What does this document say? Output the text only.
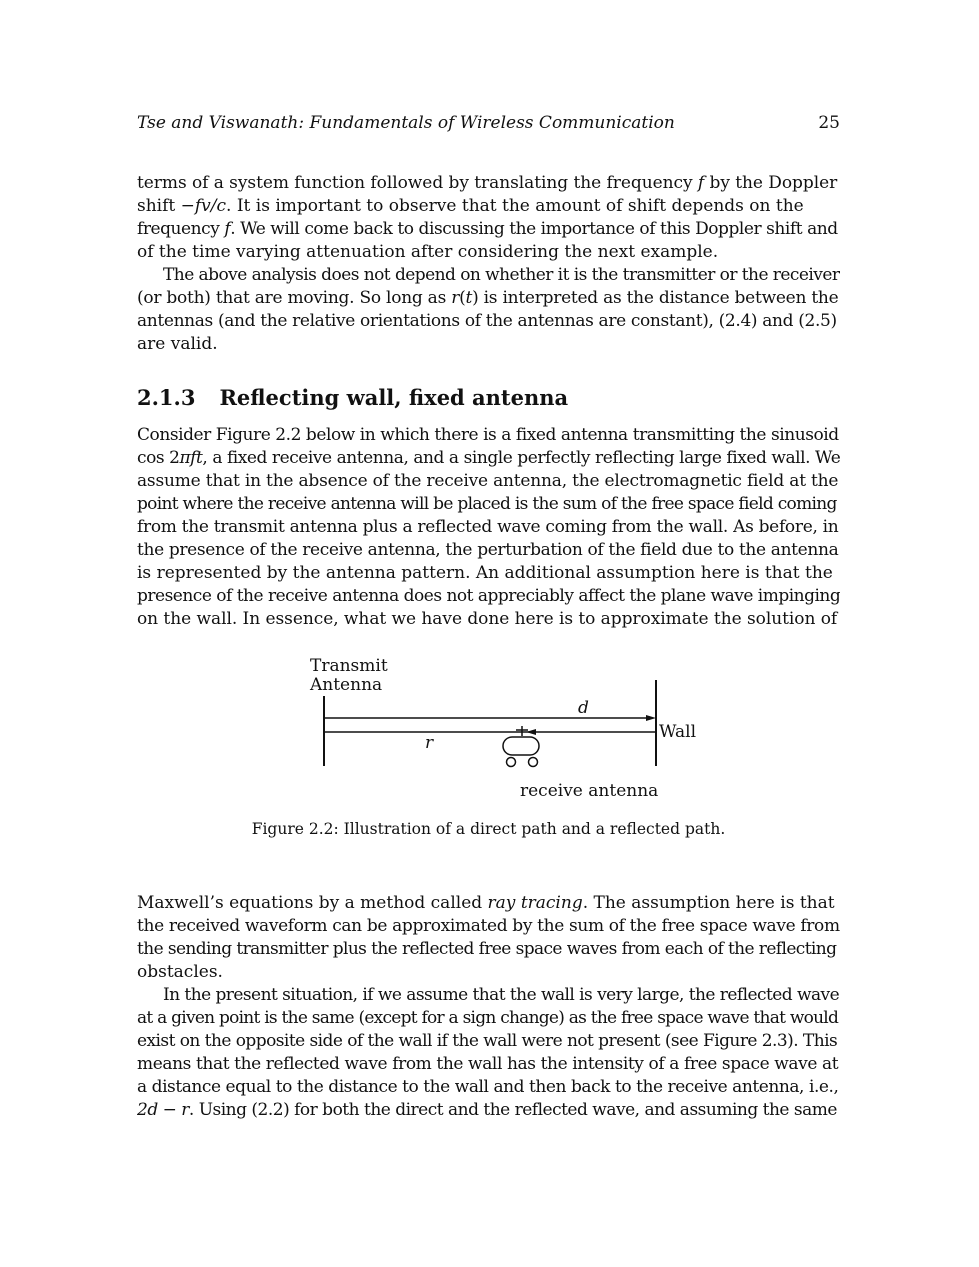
Tse and Viswanath: Fundamentals of Wireless Communication	25
terms of a system function followed by translating the frequency f by the Doppler
shift −fv/c. It is important to observe that the amount of shift depends on the
frequency f. We will come back to discussing the importance of this Doppler shift and
of the time varying attenuation after considering the next example.
The above analysis does not depend on whether it is the transmitter or the receiver
(or both) that are moving. So long as r(t) is interpreted as the distance between the
antennas (and the relative orientations of the antennas are constant), (2.4) and (2.5)
are valid.
2.1.3 Reflecting wall, fixed antenna
Consider Figure 2.2 below in which there is a fixed antenna transmitting the sinusoid
cos 2πft, a fixed receive antenna, and a single perfectly reflecting large fixed wall. We
assume that in the absence of the receive antenna, the electromagnetic field at the
point where the receive antenna will be placed is the sum of the free space field coming
from the transmit antenna plus a reflected wave coming from the wall. As before, in
the presence of the receive antenna, the perturbation of the field due to the antenna
is represented by the antenna pattern. An additional assumption here is that the
presence of the receive antenna does not appreciably affect the plane wave impinging
on the wall. In essence, what we have done here is to approximate the solution of
Transmit
Antenna
d
r
Wall
receive antenna
Figure 2.2: Illustration of a direct path and a reflected path.
Maxwell’s equations by a method called ray tracing. The assumption here is that
the received waveform can be approximated by the sum of the free space wave from
the sending transmitter plus the reflected free space waves from each of the reflecting
obstacles.
In the present situation, if we assume that the wall is very large, the reflected wave
at a given point is the same (except for a sign change) as the free space wave that would
exist on the opposite side of the wall if the wall were not present (see Figure 2.3). This
means that the reflected wave from the wall has the intensity of a free space wave at
a distance equal to the distance to the wall and then back to the receive antenna, i.e.,
2d − r. Using (2.2) for both the direct and the reflected wave, and assuming the same
